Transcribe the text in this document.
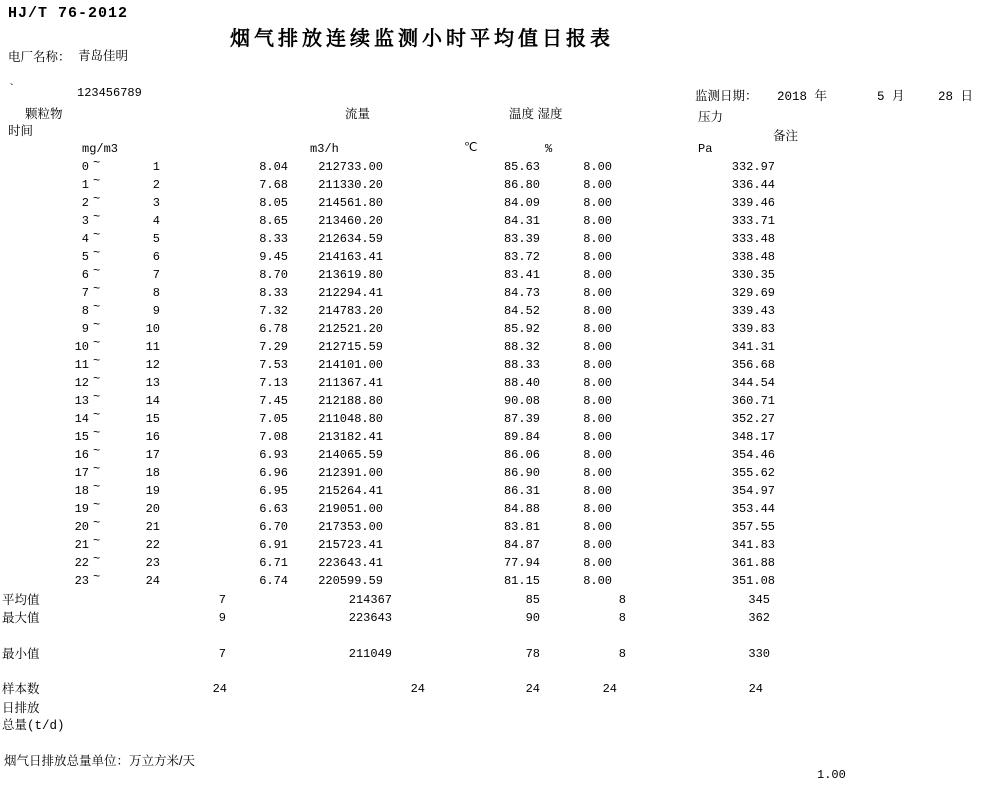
HJ/T 76-2012
烟气排放连续监测小时平均值日报表
电厂名称： 青岛佳明
`	123456789	监测日期： 2018 年	5 月	28 日
颗粒物	流量	温度 湿度	压力
时间	备注
mg/m3	m3/h	℃	%	Pa
0 ~	1	8.04	212733.00	85.63	8.00	332.97
1 ~	2	7.68	211330.20	86.80	8.00	336.44
2 ~	3	8.05	214561.80	84.09	8.00	339.46
3 ~	4	8.65	213460.20	84.31	8.00	333.71
4 ~	5	8.33	212634.59	83.39	8.00	333.48
5 ~	6	9.45	214163.41	83.72	8.00	338.48
6 ~	7	8.70	213619.80	83.41	8.00	330.35
7 ~	8	8.33	212294.41	84.73	8.00	329.69
8 ~	9	7.32	214783.20	84.52	8.00	339.43
9 ~	10	6.78	212521.20	85.92	8.00	339.83
10 ~	11	7.29	212715.59	88.32	8.00	341.31
11 ~	12	7.53	214101.00	88.33	8.00	356.68
12 ~	13	7.13	211367.41	88.40	8.00	344.54
13 ~	14	7.45	212188.80	90.08	8.00	360.71
14 ~	15	7.05	211048.80	87.39	8.00	352.27
15 ~	16	7.08	213182.41	89.84	8.00	348.17
16 ~	17	6.93	214065.59	86.06	8.00	354.46
17 ~	18	6.96	212391.00	86.90	8.00	355.62
18 ~	19	6.95	215264.41	86.31	8.00	354.97
19 ~	20	6.63	219051.00	84.88	8.00	353.44
20 ~	21	6.70	217353.00	83.81	8.00	357.55
21 ~	22	6.91	215723.41	84.87	8.00	341.83
22 ~	23	6.71	223643.41	77.94	8.00	361.88
23 ~	24	6.74	220599.59	81.15	8.00	351.08
平均值	7	214367	85	8	345
最大值	9	223643	90	8	362
最小值	7	211049	78	8	330
样本数	24	24	24	24	24
日排放
总量(t/d)
烟气日排放总量单位：万立方米/天
1.00
